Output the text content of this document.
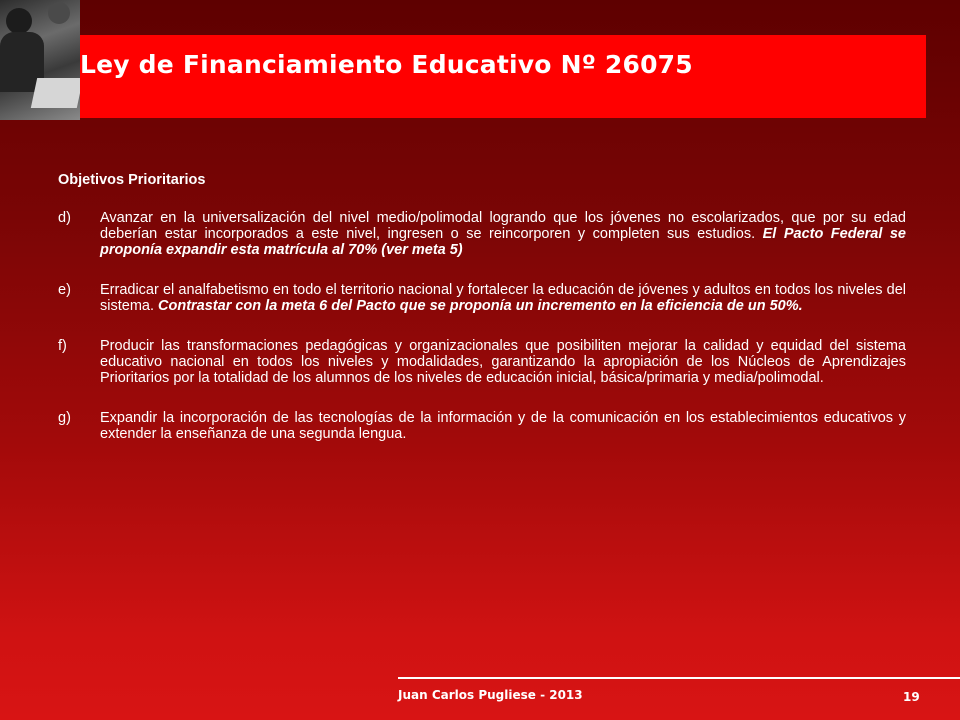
Ley de Financiamiento Educativo Nº 26075

Objetivos Prioritarios

d)	Avanzar en la universalización del nivel medio/polimodal logrando que los jóvenes no escolarizados, que por su edad deberían estar incorporados a este nivel, ingresen o se reincorporen y completen sus estudios. El Pacto Federal se proponía expandir esta matrícula al 70% (ver meta 5)
e)	Erradicar el analfabetismo en todo el territorio nacional y fortalecer la educación de jóvenes y adultos en todos los niveles del sistema. Contrastar con la meta 6 del Pacto que se proponía un incremento en la eficiencia de un 50%.
f)	Producir las transformaciones pedagógicas y organizacionales que posibiliten mejorar la calidad y equidad del sistema educativo nacional en todos los niveles y modalidades, garantizando la apropiación de los Núcleos de Aprendizajes Prioritarios por la totalidad de los alumnos de los niveles de educación inicial, básica/primaria y media/polimodal.
g)	Expandir la incorporación de las tecnologías de la información y de la comunicación en los establecimientos educativos y extender la enseñanza de una segunda lengua.
Juan Carlos Pugliese - 2013	19
